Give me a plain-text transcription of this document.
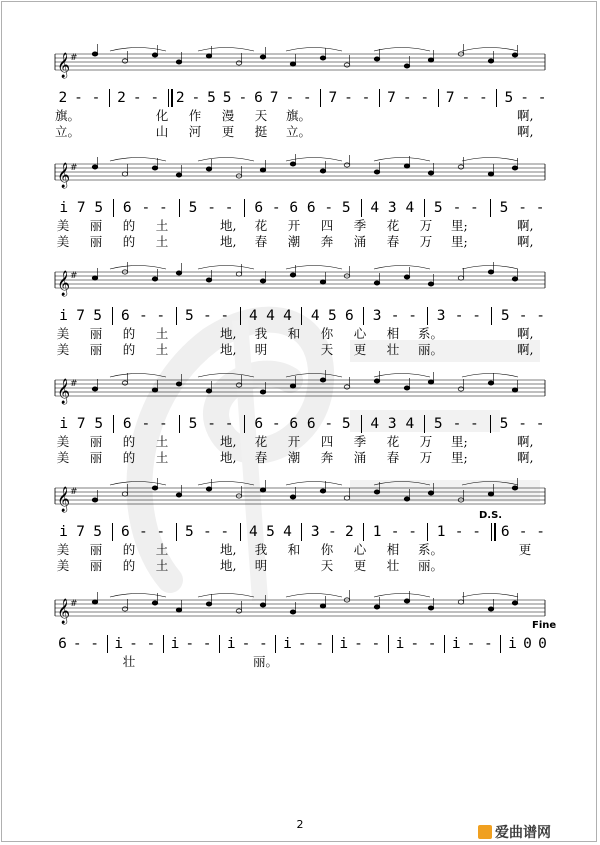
𝄞 #
2 - - 2 - - 2 - 5 5 - 6 7 - - 7 - - 7 - - 7 - - 5 - -
旗。	化 作 漫 天 旗。	啊,
立。	山 河 更 挺 立。	啊,
𝄞 #
i 7 5	6 - -	5 - -	6 - 6 6 - 5	4 3 4	5 - -	5 - -
美 丽 的 土	地, 花 开 四 季 花 万 里;	啊,
美 丽 的 土	地, 春 潮 奔 涌 春 万 里;	啊,
𝄞 #
i 7 5 6 - -	5 - -	4 4 4 4 5 6 3 - -	3 - -	5 - -
美 丽 的 土	地, 我 和 你 心 相 系。	啊,
美 丽 的 土	地, 明	天 更 壮 丽。	啊,
𝄞 #
i 7 5	6 - -	5 - -	6 - 6 6 - 5	4 3 4	5 - -	5 - -
美 丽 的 土	地, 花 开 四 季 花 万 里;	啊,
美 丽 的 土	地, 春 潮 奔 涌 春 万 里;	啊,
𝄞 #
i 7 5 6 - -	5 - -	4 5 4 3 - 2 1 - -	1 - -	6 - -
美 丽 的 土	地, 我 和 你 心 相 系。	更
美 丽 的 土	地, 明	天 更 壮 丽。
𝄞 #
6 - - i - - i - - i - - i - - i - - i - - i - - i 0 0
壮	丽。
D.S.
Fine
2
爱曲谱网
